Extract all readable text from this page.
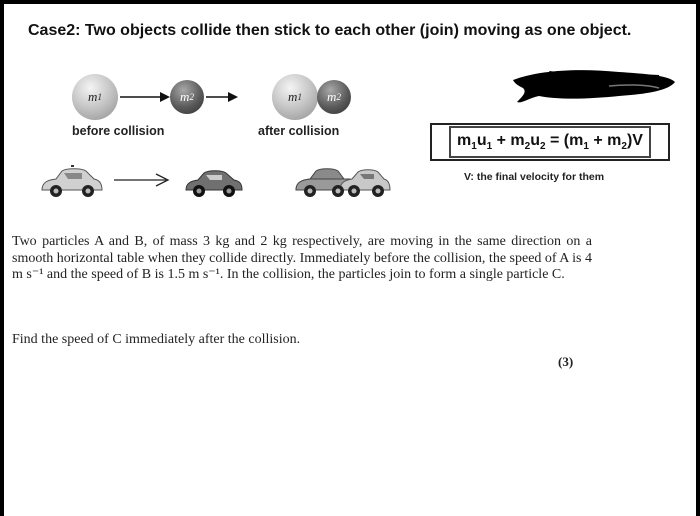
Case2: Two objects collide then stick to each other (join) moving as one object.
m 1	m 2	m 1 m 2
before collision	after collision
$m_1u_1 + m_2u_2 = (m_1 + m_2)V$
V: the final velocity for them

Two particles A and B, of mass 3 kg and 2 kg respectively, are moving in the same direction on a smooth horizontal table when they collide directly. Immediately before the collision, the speed of A is 4 m s⁻¹ and the speed of B is 1.5 m s⁻¹. In the collision, the particles join to form a single particle C.

Find the speed of C immediately after the collision.
(3)
